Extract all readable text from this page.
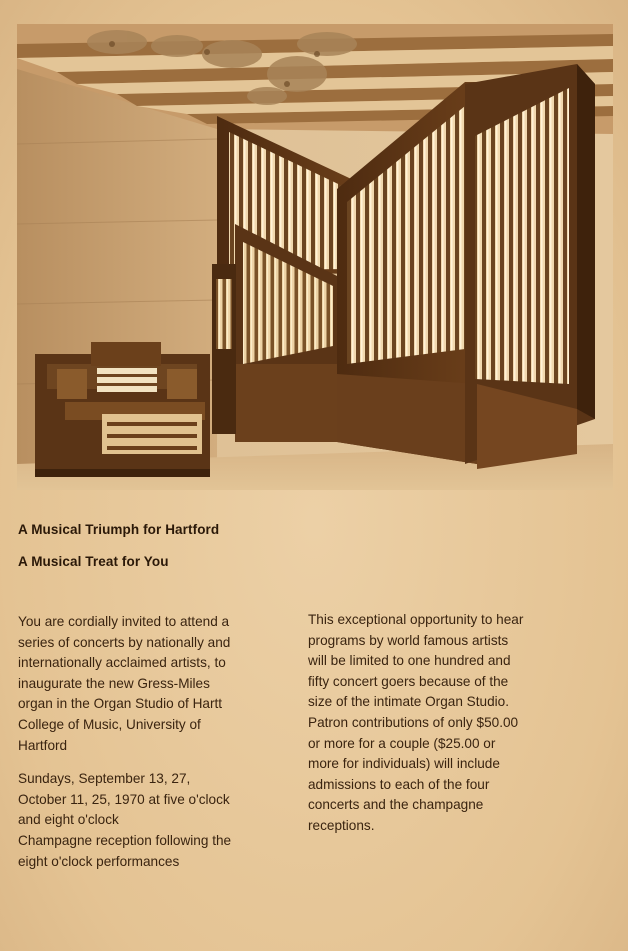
A Musical Triumph for Hartford
A Musical Treat for You

You are cordially invited to attend a
series of concerts by nationally and
internationally acclaimed artists, to
inaugurate the new Gress-Miles
organ in the Organ Studio of Hartt
College of Music, University of
Hartford

Sundays, September 13, 27,
October 11, 25, 1970 at five o'clock
and eight o'clock
Champagne reception following the
eight o'clock performances

This exceptional opportunity to hear
programs by world famous artists
will be limited to one hundred and
fifty concert goers because of the
size of the intimate Organ Studio.
Patron contributions of only $50.00
or more for a couple ($25.00 or
more for individuals) will include
admissions to each of the four
concerts and the champagne
receptions.
